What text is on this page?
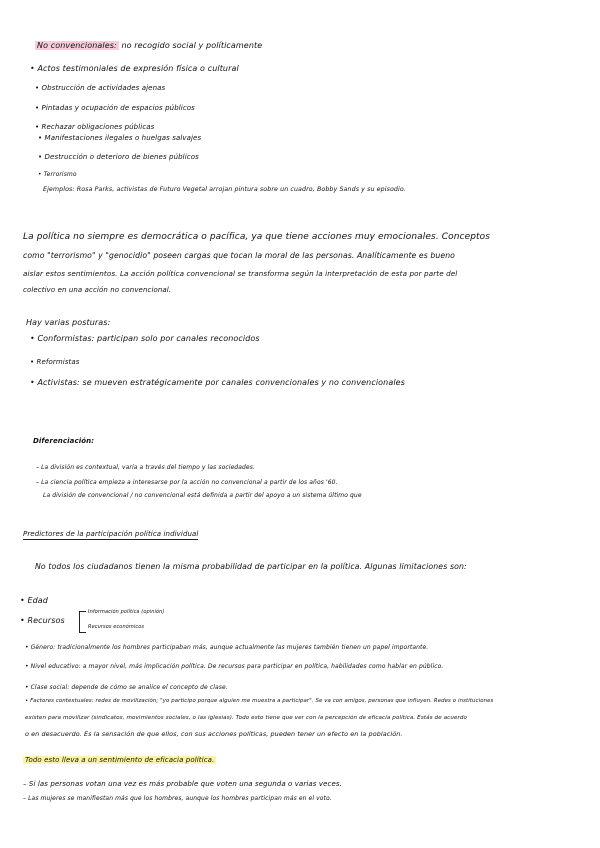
No convencionales: no recogido social y políticamente
• Actos testimoniales de expresión física o cultural
• Obstrucción de actividades ajenas
• Pintadas y ocupación de espacios públicos
• Rechazar obligaciones públicas
• Manifestaciones ilegales o huelgas salvajes
• Destrucción o deterioro de bienes públicos
• Terrorismo
Ejemplos: Rosa Parks, activistas de Futuro Vegetal arrojan pintura sobre un cuadro, Bobby Sands y su episodio.
La política no siempre es democrática o pacífica, ya que tiene acciones muy emocionales. Conceptos
como "terrorismo" y "genocidio" poseen cargas que tocan la moral de las personas. Analíticamente es bueno
aislar estos sentimientos. La acción política convencional se transforma según la interpretación de esta por parte del
colectivo en una acción no convencional.
Hay varias posturas:
• Conformistas: participan solo por canales reconocidos
• Reformistas
• Activistas: se mueven estratégicamente por canales convencionales y no convencionales
Diferenciación:
– La división es contextual, varía a través del tiempo y las sociedades.
– La ciencia política empieza a interesarse por la acción no convencional a partir de los años '60.
La división de convencional / no convencional está definida a partir del apoyo a un sistema último que
Predictores de la participación política individual
No todos los ciudadanos tienen la misma probabilidad de participar en la política. Algunas limitaciones son:
• Edad
• Recursos
Información política (opinión)
Recursos económicos
• Género: tradicionalmente los hombres participaban más, aunque actualmente las mujeres también tienen un papel importante.
• Nivel educativo: a mayor nivel, más implicación política. De recursos para participar en política, habilidades como hablar en público.
• Clase social: depende de cómo se analice el concepto de clase.
• Factores contextuales: redes de movilización; "yo participo porque alguien me muestra a participar". Se va con amigos, personas que influyen. Redes o instituciones
existen para movilizar (sindicatos, movimientos sociales, o las iglesias). Todo esto tiene que ver con la percepción de eficacia política. Estás de acuerdo
o en desacuerdo. Es la sensación de que ellos, con sus acciones políticas, pueden tener un efecto en la población.
Todo esto lleva a un sentimiento de eficacia política.
– Si las personas votan una vez es más probable que voten una segunda o varias veces.
– Las mujeres se manifiestan más que los hombres, aunque los hombres participan más en el voto.
